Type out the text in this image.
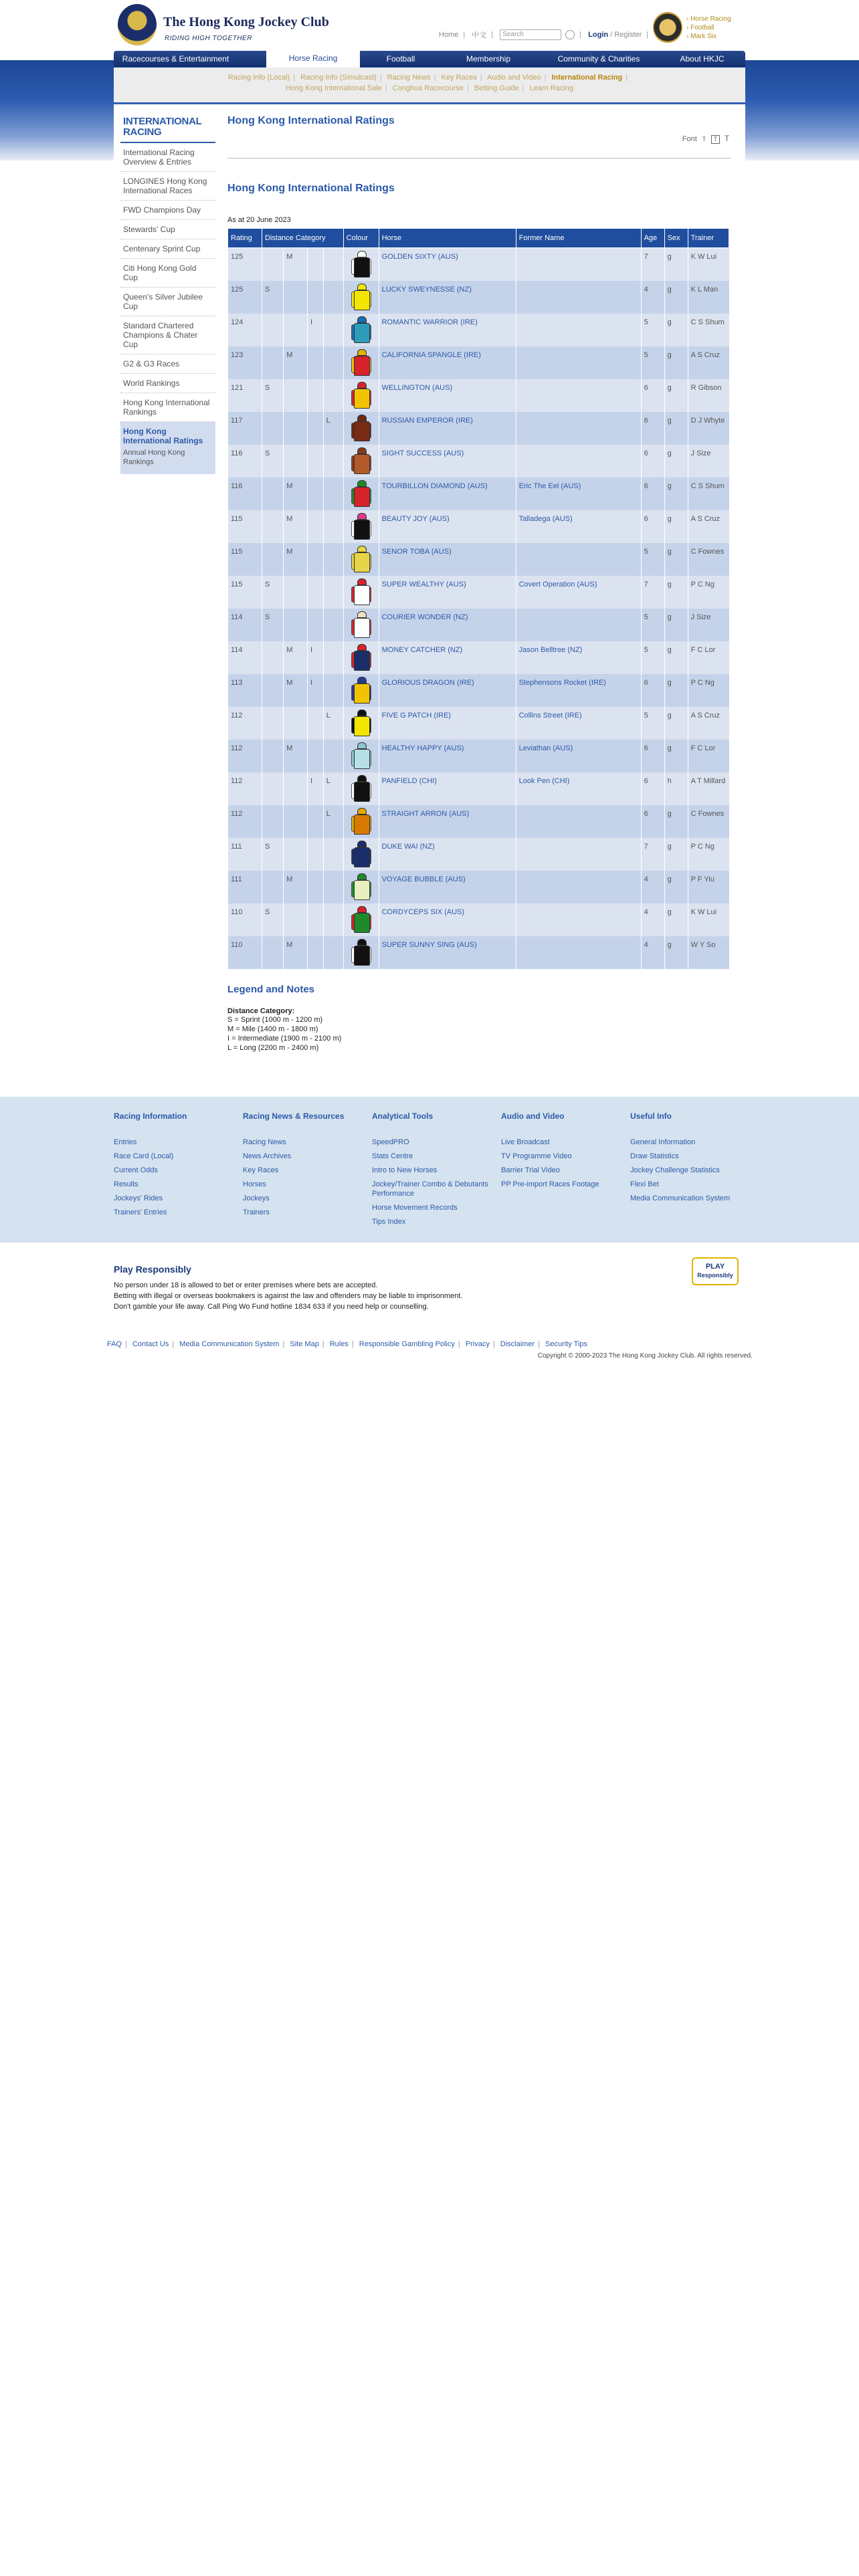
The Hong Kong Jockey Club
RIDING HIGH TOGETHER	Home | 中文 | Search	| Login / Register |
› Horse Racing
› Football
› Mark Six
Racecourses & Entertainment	Horse Racing	Football	Membership	Community & Charities	About HKJC
Racing Info (Local) | Racing Info (Simulcast) | Racing News | Key Races | Audio and Video | International Racing |
Hong Kong International Sale | Conghua Racecourse | Betting Guide | Learn Racing
INTERNATIONAL RACING
International Racing Overview & Entries
LONGINES Hong Kong International Races
FWD Champions Day
Stewards' Cup
Centenary Sprint Cup
Citi Hong Kong Gold Cup
Queen's Silver Jubilee Cup
Standard Chartered Champions & Chater Cup
G2 & G3 Races
World Rankings
Hong Kong International Rankings
Hong Kong International Ratings
Annual Hong Kong Rankings
Hong Kong International Ratings
Font T T T
Hong Kong International Ratings
As at 20 June 2023
Rating	Distance Category				Colour	Horse	Former Name	Age	Sex	Trainer
125		M				GOLDEN SIXTY (AUS)		7	g	K W Lui
125	S					LUCKY SWEYNESSE (NZ)		4	g	K L Man
124			I			ROMANTIC WARRIOR (IRE)		5	g	C S Shum
123		M				CALIFORNIA SPANGLE (IRE)		5	g	A S Cruz
121	S					WELLINGTON (AUS)		6	g	R Gibson
117				L		RUSSIAN EMPEROR (IRE)		6	g	D J Whyte
116	S					SIGHT SUCCESS (AUS)		6	g	J Size
116		M				TOURBILLON DIAMOND (AUS)	Eric The Eel (AUS)	6	g	C S Shum
115		M				BEAUTY JOY (AUS)	Talladega (AUS)	6	g	A S Cruz
115		M				SENOR TOBA (AUS)		5	g	C Fownes
115	S					SUPER WEALTHY (AUS)	Covert Operation (AUS)	7	g	P C Ng
114	S					COURIER WONDER (NZ)		5	g	J Size
114		M	I			MONEY CATCHER (NZ)	Jason Belltree (NZ)	5	g	F C Lor
113		M	I			GLORIOUS DRAGON (IRE)	Stephensons Rocket (IRE)	6	g	P C Ng
112				L		FIVE G PATCH (IRE)	Collins Street (IRE)	5	g	A S Cruz
112		M				HEALTHY HAPPY (AUS)	Leviathan (AUS)	6	g	F C Lor
112			I	L		PANFIELD (CHI)	Look Pen (CHI)	6	h	A T Millard
112				L		STRAIGHT ARRON (AUS)		6	g	C Fownes
111	S					DUKE WAI (NZ)		7	g	P C Ng
111		M				VOYAGE BUBBLE (AUS)		4	g	P F Yiu
110	S					CORDYCEPS SIX (AUS)		4	g	K W Lui
110		M				SUPER SUNNY SING (AUS)		4	g	W Y So
Legend and Notes
Distance Category:
S = Sprint (1000 m - 1200 m)
M = Mile (1400 m - 1800 m)
I = Intermediate (1900 m - 2100 m)
L = Long (2200 m - 2400 m)
Racing Information
Entries
Race Card (Local)
Current Odds
Results
Jockeys' Rides
Trainers' Entries
Racing News & Resources
Racing News
News Archives
Key Races
Horses
Jockeys
Trainers
Analytical Tools
SpeedPRO
Stats Centre
Intro to New Horses
Jockey/Trainer Combo & Debutants Performance
Horse Movement Records
Tips Index
Audio and Video
Live Broadcast
TV Programme Video
Barrier Trial Video
PP Pre-import Races Footage
Useful Info
General Information
Draw Statistics
Jockey Challenge Statistics
Flexi Bet
Media Communication System
Play Responsibly
No person under 18 is allowed to bet or enter premises where bets are accepted.
Betting with illegal or overseas bookmakers is against the law and offenders may be liable to imprisonment.
Don't gamble your life away. Call Ping Wo Fund hotline 1834 633 if you need help or counselling.
PLAY
Responsibly
FAQ | Contact Us | Media Communication System | Site Map | Rules | Responsible Gambling Policy | Privacy | Disclaimer | Security Tips
Copyright © 2000-2023 The Hong Kong Jockey Club. All rights reserved.
